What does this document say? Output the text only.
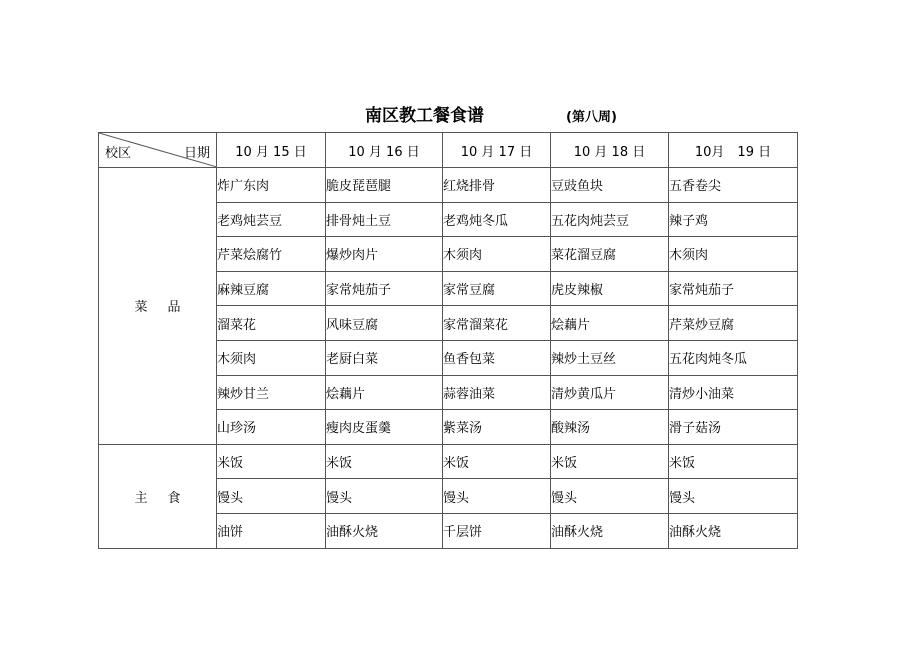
南区教工餐食谱	(第八周)
校区 日期	10 月 15 日	10 月 16 日	10 月 17 日	10 月 18 日	10月　19 日
菜品	炸广东肉	脆皮琵琶腿	红烧排骨	豆豉鱼块	五香卷尖
	老鸡炖芸豆	排骨炖土豆	老鸡炖冬瓜	五花肉炖芸豆	辣子鸡
	芹菜烩腐竹	爆炒肉片	木须肉	菜花溜豆腐	木须肉
	麻辣豆腐	家常炖茄子	家常豆腐	虎皮辣椒	家常炖茄子
	溜菜花	风味豆腐	家常溜菜花	烩藕片	芹菜炒豆腐
	木须肉	老厨白菜	鱼香包菜	辣炒土豆丝	五花肉炖冬瓜
	辣炒甘兰	烩藕片	蒜蓉油菜	清炒黄瓜片	清炒小油菜
	山珍汤	瘦肉皮蛋羹	紫菜汤	酸辣汤	滑子菇汤
主食	米饭	米饭	米饭	米饭	米饭
	馒头	馒头	馒头	馒头	馒头
	油饼	油酥火烧	千层饼	油酥火烧	油酥火烧
